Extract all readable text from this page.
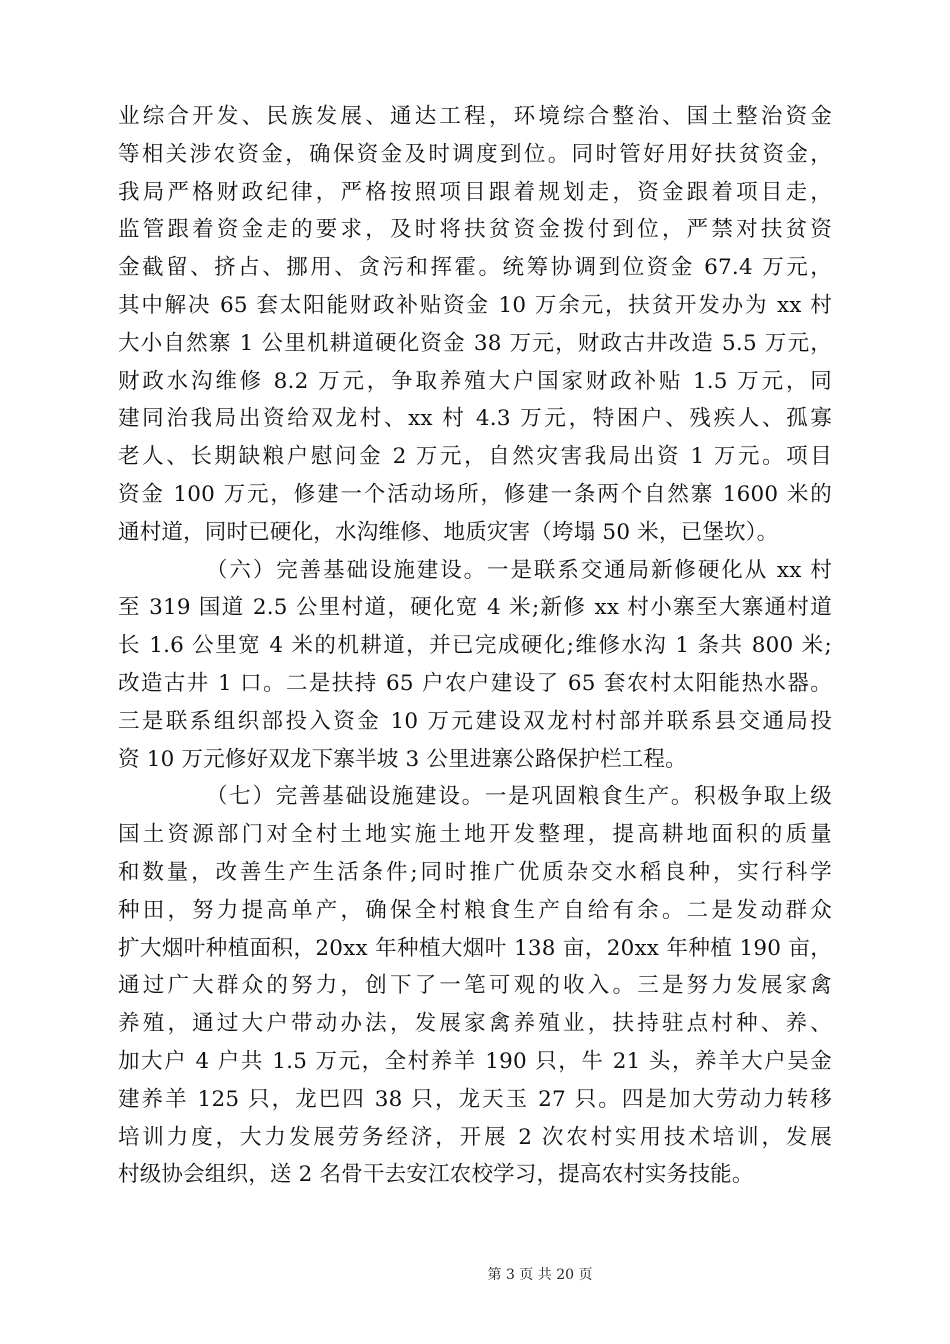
业综合开发、民族发展、通达工程，环境综合整治、国土整治资金
等相关涉农资金，确保资金及时调度到位。同时管好用好扶贫资金，
我局严格财政纪律，严格按照项目跟着规划走，资金跟着项目走，
监管跟着资金走的要求，及时将扶贫资金拨付到位，严禁对扶贫资
金截留、挤占、挪用、贪污和挥霍。统筹协调到位资金 67.4 万元，
其中解决 65 套太阳能财政补贴资金 10 万余元，扶贫开发办为 xx 村
大小自然寨 1 公里机耕道硬化资金 38 万元，财政古井改造 5.5 万元，
财政水沟维修 8.2 万元，争取养殖大户国家财政补贴 1.5 万元，同
建同治我局出资给双龙村、xx 村 4.3 万元，特困户、残疾人、孤寡
老人、长期缺粮户慰问金 2 万元，自然灾害我局出资 1 万元。项目
资金 100 万元，修建一个活动场所，修建一条两个自然寨 1600 米的
通村道，同时已硬化，水沟维修、地质灾害（垮塌 50 米，已堡坎）。
（六）完善基础设施建设。一是联系交通局新修硬化从 xx 村
至 319 国道 2.5 公里村道，硬化宽 4 米;新修 xx 村小寨至大寨通村道
长 1.6 公里宽 4 米的机耕道，并已完成硬化;维修水沟 1 条共 800 米;
改造古井 1 口。二是扶持 65 户农户建设了 65 套农村太阳能热水器。
三是联系组织部投入资金 10 万元建设双龙村村部并联系县交通局投
资 10 万元修好双龙下寨半坡 3 公里进寨公路保护栏工程。
（七）完善基础设施建设。一是巩固粮食生产。积极争取上级
国土资源部门对全村土地实施土地开发整理，提高耕地面积的质量
和数量，改善生产生活条件;同时推广优质杂交水稻良种，实行科学
种田，努力提高单产，确保全村粮食生产自给有余。二是发动群众
扩大烟叶种植面积，20xx 年种植大烟叶 138 亩，20xx 年种植 190 亩，
通过广大群众的努力，创下了一笔可观的收入。三是努力发展家禽
养殖，通过大户带动办法，发展家禽养殖业，扶持驻点村种、养、
加大户 4 户共 1.5 万元，全村养羊 190 只，牛 21 头，养羊大户吴金
建养羊 125 只，龙巴四 38 只，龙天玉 27 只。四是加大劳动力转移
培训力度，大力发展劳务经济，开展 2 次农村实用技术培训，发展
村级协会组织，送 2 名骨干去安江农校学习，提高农村实务技能。
第 3 页 共 20 页
